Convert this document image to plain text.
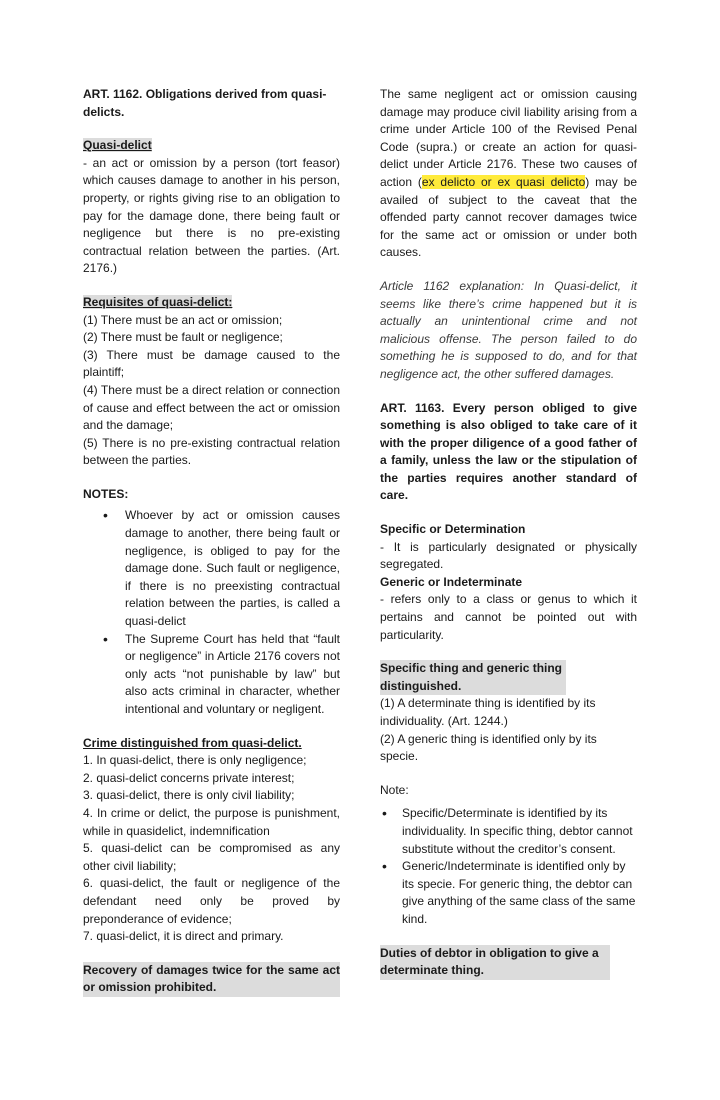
ART. 1162. Obligations derived from quasi-delicts.

Quasi-delict

- an act or omission by a person (tort feasor) which causes damage to another in his person, property, or rights giving rise to an obligation to pay for the damage done, there being fault or negligence but there is no pre-existing contractual relation between the parties. (Art. 2176.)

Requisites of quasi-delict:

(1) There must be an act or omission;

(2) There must be fault or negligence;

(3) There must be damage caused to the plaintiff;

(4) There must be a direct relation or connection of cause and effect between the act or omission and the damage;

(5) There is no pre-existing contractual relation between the parties.

NOTES:

• Whoever by act or omission causes damage to another, there being fault or negligence, is obliged to pay for the damage done. Such fault or negligence, if there is no preexisting contractual relation between the parties, is called a quasi-delict
• The Supreme Court has held that “fault or negligence” in Article 2176 covers not only acts “not punishable by law” but also acts criminal in character, whether intentional and voluntary or negligent.

Crime distinguished from quasi-delict.

1. In quasi-delict, there is only negligence;

2. quasi-delict concerns private interest;

3. quasi-delict, there is only civil liability;

4. In crime or delict, the purpose is punishment, while in quasidelict, indemnification

5. quasi-delict can be compromised as any other civil liability;

6. quasi-delict, the fault or negligence of the defendant need only be proved by preponderance of evidence;

7. quasi-delict, it is direct and primary.

Recovery of damages twice for the same act or omission prohibited.

The same negligent act or omission causing damage may produce civil liability arising from a crime under Article 100 of the Revised Penal Code (supra.) or create an action for quasi-delict under Article 2176. These two causes of action (ex delicto or ex quasi delicto) may be availed of subject to the caveat that the offended party cannot recover damages twice for the same act or omission or under both causes.

Article 1162 explanation: In Quasi-delict, it seems like there’s crime happened but it is actually an unintentional crime and not malicious offense. The person failed to do something he is supposed to do, and for that negligence act, the other suffered damages.

ART. 1163. Every person obliged to give something is also obliged to take care of it with the proper diligence of a good father of a family, unless the law or the stipulation of the parties requires another standard of care.

Specific or Determination

- It is particularly designated or physically segregated.

Generic or Indeterminate

- refers only to a class or genus to which it pertains and cannot be pointed out with particularity.

Specific thing and generic thing distinguished.

(1) A determinate thing is identified by its individuality. (Art. 1244.)

(2) A generic thing is identified only by its specie.

Note:

• Specific/Determinate is identified by its individuality. In specific thing, debtor cannot substitute without the creditor’s consent.
• Generic/Indeterminate is identified only by its specie. For generic thing, the debtor can give anything of the same class of the same kind.

Duties of debtor in obligation to give a determinate thing.
